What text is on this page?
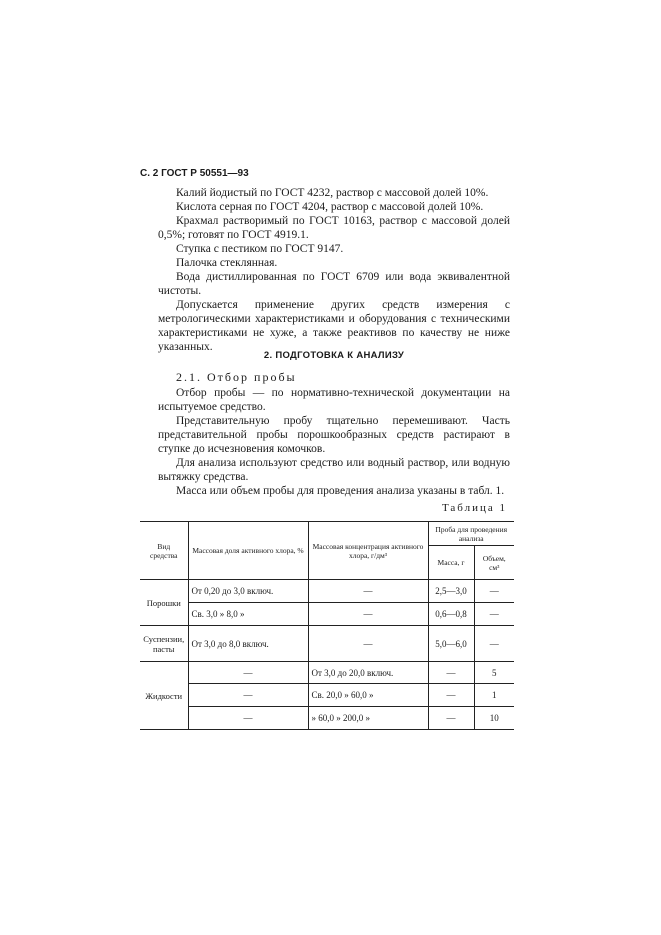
С. 2 ГОСТ Р 50551—93

Калий йодистый по ГОСТ 4232, раствор с массовой долей 10%.

Кислота серная по ГОСТ 4204, раствор с массовой долей 10%.

Крахмал растворимый по ГОСТ 10163, раствор с массовой долей 0,5%; готовят по ГОСТ 4919.1.

Ступка с пестиком по ГОСТ 9147.

Палочка стеклянная.

Вода дистиллированная по ГОСТ 6709 или вода эквивалентной чистоты.

Допускается применение других средств измерения с метрологическими характеристиками и оборудования с техническими характеристиками не хуже, а также реактивов по качеству не ниже указанных.

2. ПОДГОТОВКА К АНАЛИЗУ
2.1. Отбор пробы

Отбор пробы — по нормативно-технической документации на испытуемое средство.

Представительную пробу тщательно перемешивают. Часть представительной пробы порошкообразных средств растирают в ступке до исчезновения комочков.

Для анализа используют средство или водный раствор, или водную вытяжку средства.

Масса или объем пробы для проведения анализа указаны в табл. 1.

Таблица 1
Вид средства	Массовая доля активного хлора, %	Массовая концентрация активного хлора, г/дм³	Проба для проведения анализа	
			Масса, г	Объем, см³
Порошки	От 0,20 до 3,0 включ.	—	2,5—3,0	—
	Св. 3,0 » 8,0 »	—	0,6—0,8	—
Суспензии, пасты	От 3,0 до 8,0 включ.	—	5,0—6,0	—
Жидкости	—	От 3,0 до 20,0 включ.	—	5
	—	Св. 20,0 » 60,0 »	—	1
	—	» 60,0 » 200,0 »	—	10
